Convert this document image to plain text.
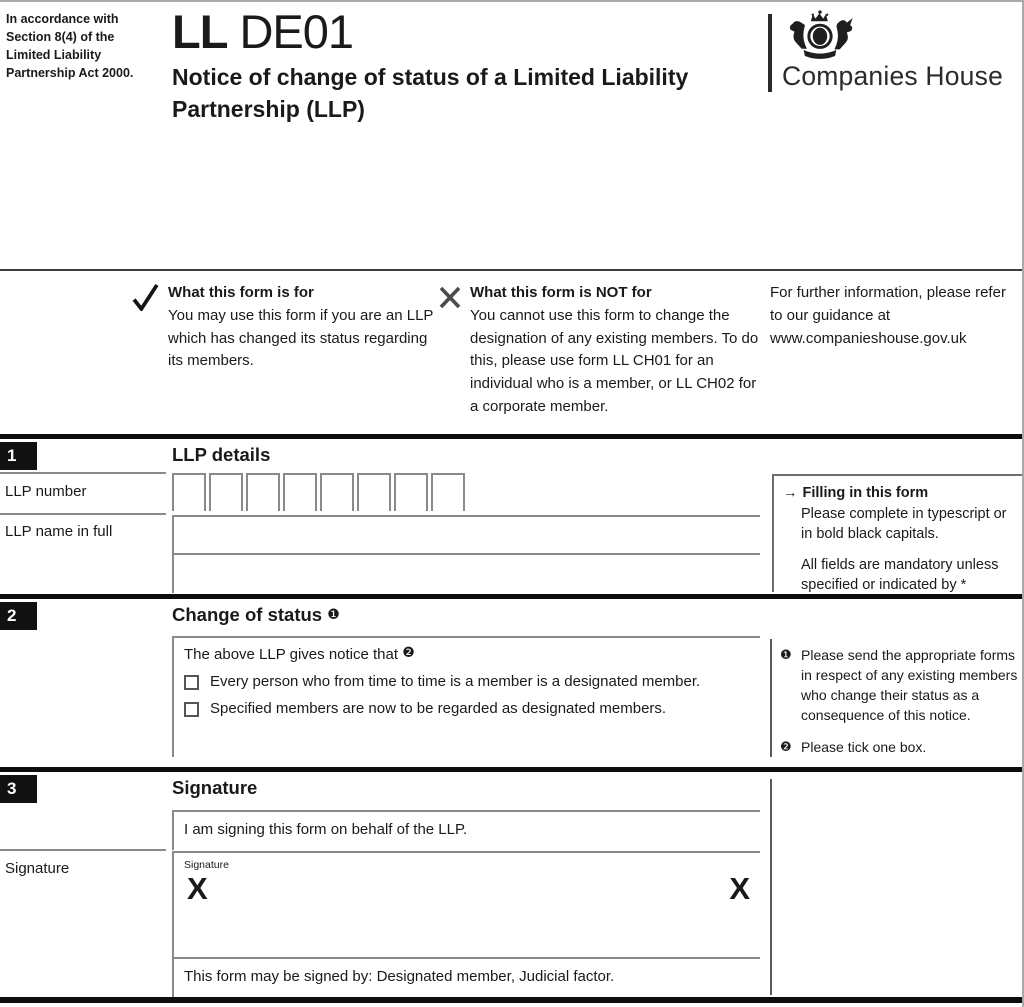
In accordance with Section 8(4) of the Limited Liability Partnership Act 2000.
LL DE01
Notice of change of status of a Limited Liability Partnership (LLP)
Companies House
What this form is for
You may use this form if you are an LLP which has changed its status regarding its members.
What this form is NOT for
You cannot use this form to change the designation of any existing members. To do this, please use form LL CH01 for an individual who is a member, or LL CH02 for a corporate member.
For further information, please refer to our guidance at www.companieshouse.gov.uk
1	LLP details
LLP number
LLP name in full
→ Filling in this form
Please complete in typescript or in bold black capitals.
All fields are mandatory unless specified or indicated by *
2	Change of status ❶
The above LLP gives notice that ❷
Every person who from time to time is a member is a designated member.
Specified members are now to be regarded as designated members.
❶ Please send the appropriate forms in respect of any existing members who change their status as a consequence of this notice.
❷ Please tick one box.
3	Signature
I am signing this form on behalf of the LLP.
Signature	Signature
X	X
This form may be signed by: Designated member, Judicial factor.
